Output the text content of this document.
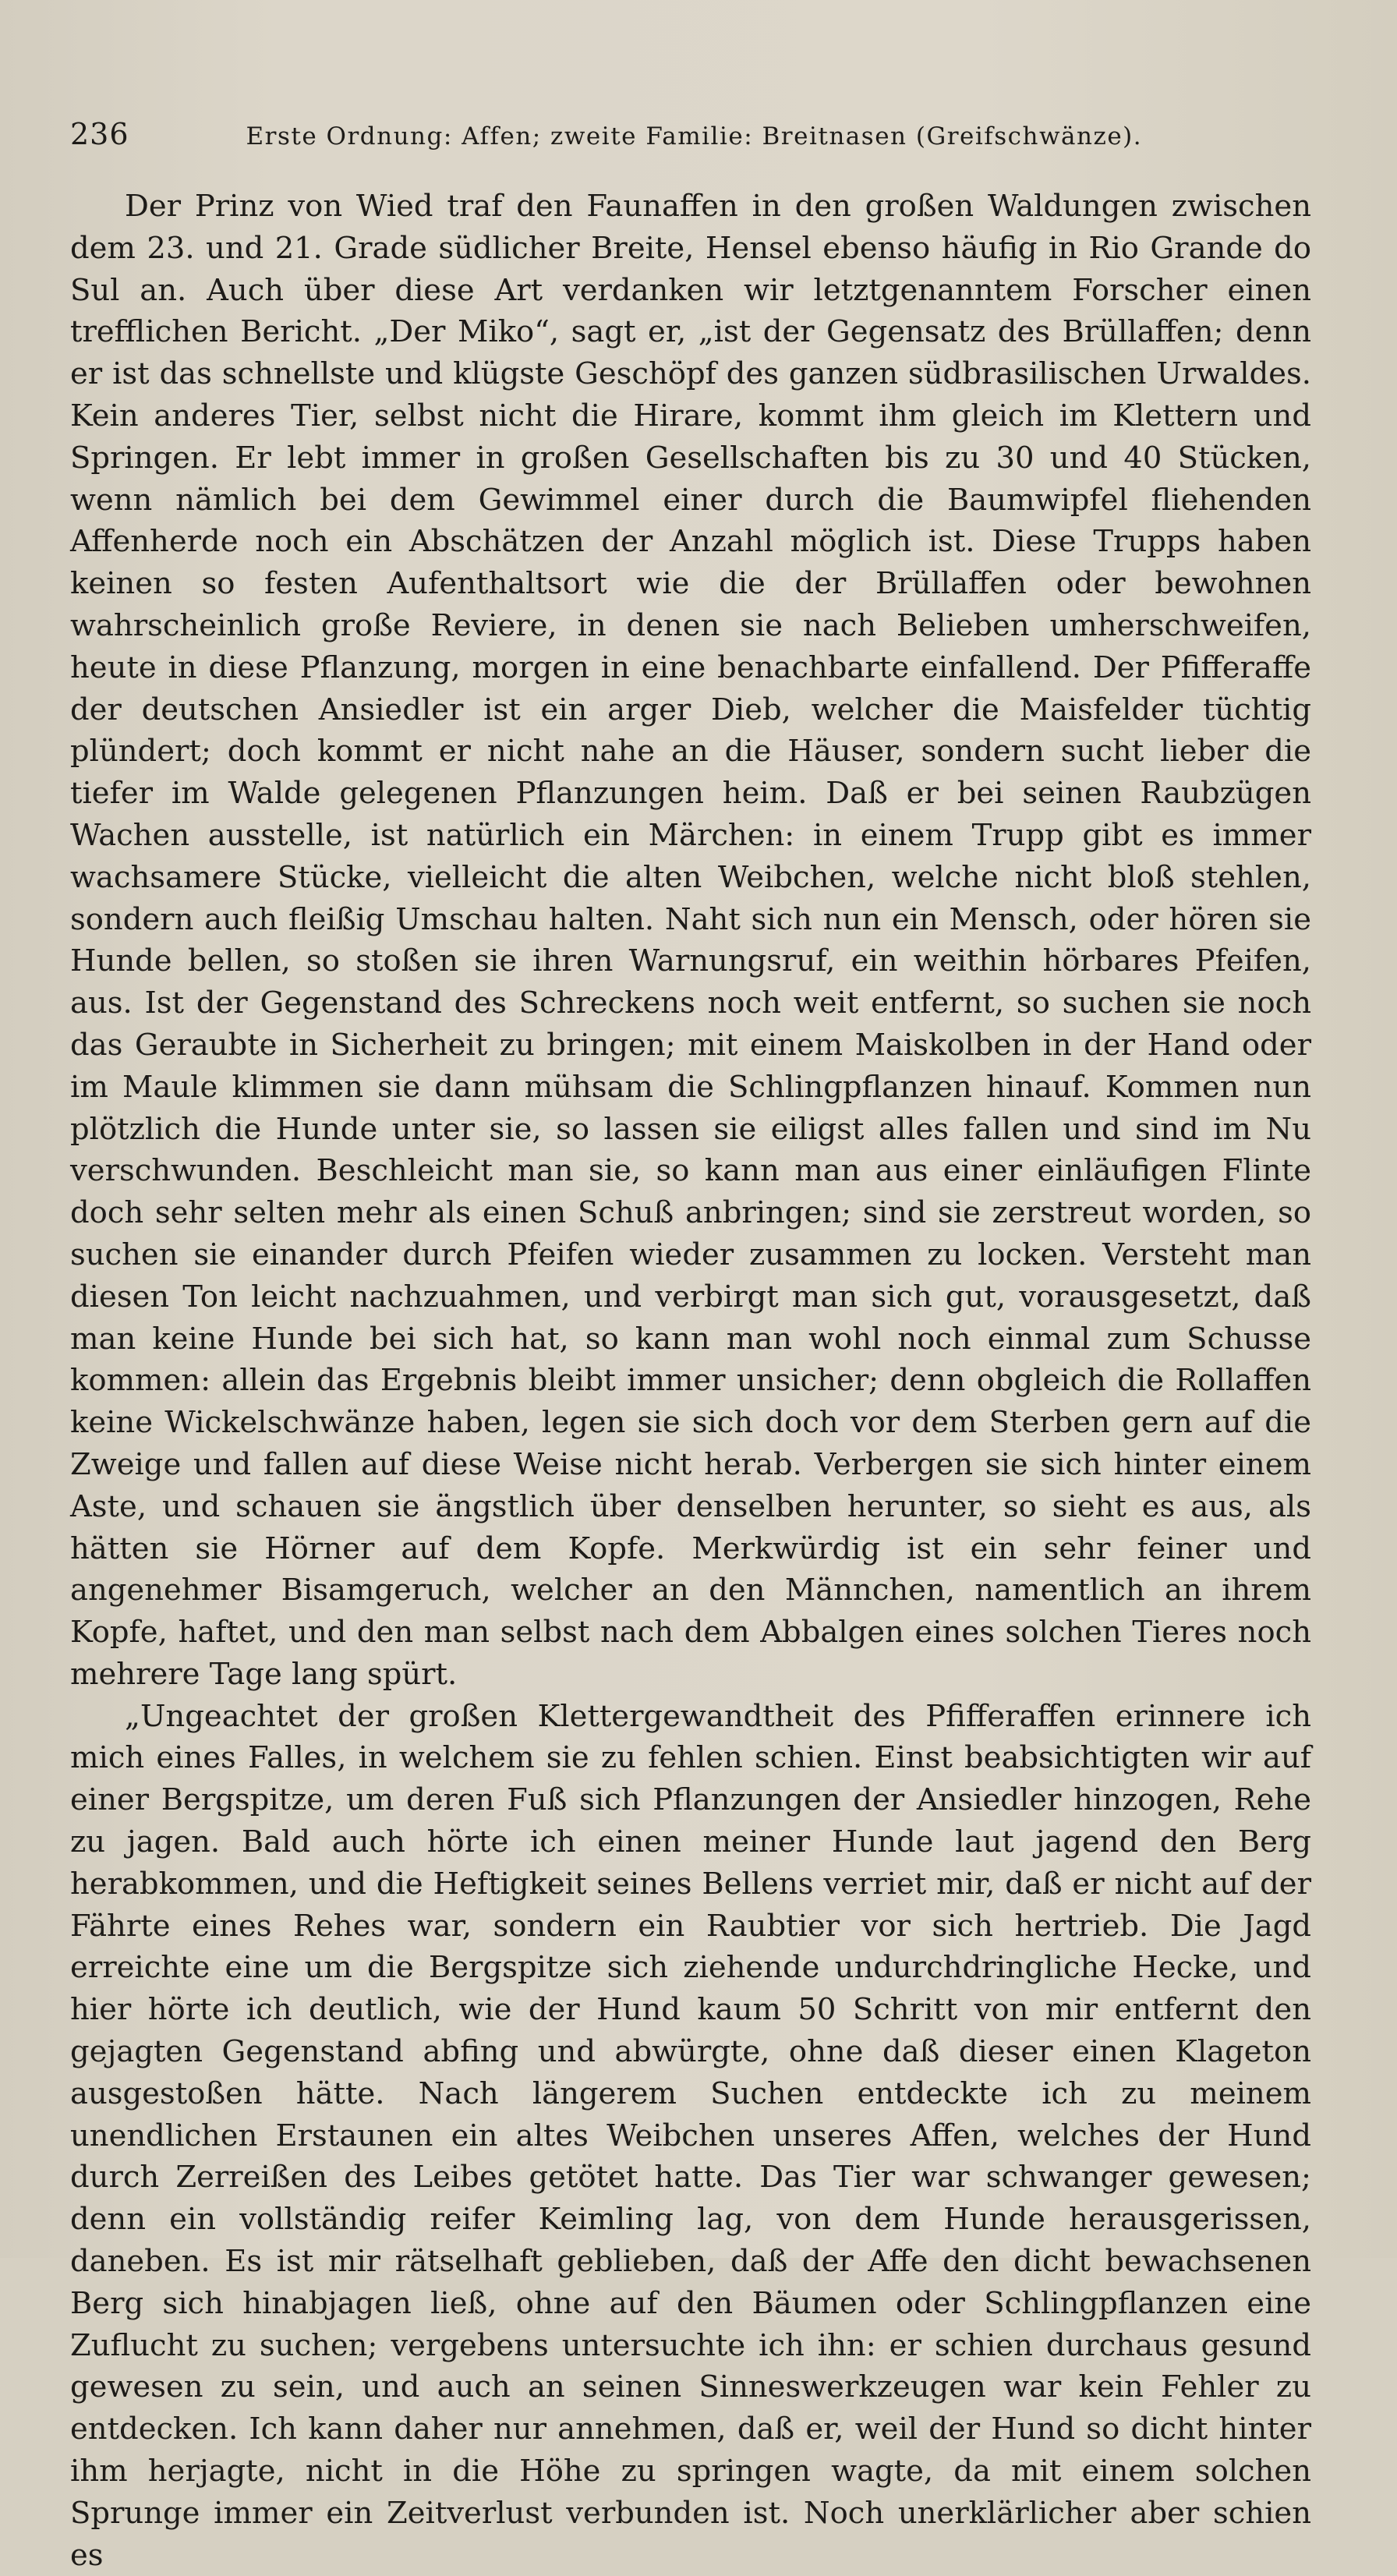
236	Erste Ordnung: Affen; zweite Familie: Breitnasen (Greifschwänze).

Der Prinz von Wied traf den Faunaffen in den großen Waldungen zwischen dem 23. und 21. Grade südlicher Breite, Hensel ebenso häufig in Rio Grande do Sul an. Auch über diese Art verdanken wir letztgenanntem Forscher einen trefflichen Bericht. „Der Miko“, sagt er, „ist der Gegensatz des Brüllaffen; denn er ist das schnellste und klügste Geschöpf des ganzen südbrasilischen Urwaldes. Kein anderes Tier, selbst nicht die Hirare, kommt ihm gleich im Klettern und Springen. Er lebt immer in großen Gesellschaften bis zu 30 und 40 Stücken, wenn nämlich bei dem Gewimmel einer durch die Baumwipfel fliehenden Affenherde noch ein Abschätzen der Anzahl möglich ist. Diese Trupps haben keinen so festen Aufenthaltsort wie die der Brüllaffen oder bewohnen wahrscheinlich große Reviere, in denen sie nach Belieben umherschweifen, heute in diese Pflanzung, morgen in eine benachbarte einfallend. Der Pfifferaffe der deutschen Ansiedler ist ein arger Dieb, welcher die Maisfelder tüchtig plündert; doch kommt er nicht nahe an die Häuser, sondern sucht lieber die tiefer im Walde gelegenen Pflanzungen heim. Daß er bei seinen Raubzügen Wachen ausstelle, ist natürlich ein Märchen: in einem Trupp gibt es immer wachsamere Stücke, vielleicht die alten Weibchen, welche nicht bloß stehlen, sondern auch fleißig Umschau halten. Naht sich nun ein Mensch, oder hören sie Hunde bellen, so stoßen sie ihren Warnungsruf, ein weithin hörbares Pfeifen, aus. Ist der Gegenstand des Schreckens noch weit entfernt, so suchen sie noch das Geraubte in Sicherheit zu bringen; mit einem Maiskolben in der Hand oder im Maule klimmen sie dann mühsam die Schlingpflanzen hinauf. Kommen nun plötzlich die Hunde unter sie, so lassen sie eiligst alles fallen und sind im Nu verschwunden. Beschleicht man sie, so kann man aus einer einläufigen Flinte doch sehr selten mehr als einen Schuß anbringen; sind sie zerstreut worden, so suchen sie einander durch Pfeifen wieder zusammen zu locken. Versteht man diesen Ton leicht nachzuahmen, und verbirgt man sich gut, vorausgesetzt, daß man keine Hunde bei sich hat, so kann man wohl noch einmal zum Schusse kommen: allein das Ergebnis bleibt immer unsicher; denn obgleich die Rollaffen keine Wickelschwänze haben, legen sie sich doch vor dem Sterben gern auf die Zweige und fallen auf diese Weise nicht herab. Verbergen sie sich hinter einem Aste, und schauen sie ängstlich über denselben herunter, so sieht es aus, als hätten sie Hörner auf dem Kopfe. Merkwürdig ist ein sehr feiner und angenehmer Bisamgeruch, welcher an den Männchen, namentlich an ihrem Kopfe, haftet, und den man selbst nach dem Abbalgen eines solchen Tieres noch mehrere Tage lang spürt.

„Ungeachtet der großen Klettergewandtheit des Pfifferaffen erinnere ich mich eines Falles, in welchem sie zu fehlen schien. Einst beabsichtigten wir auf einer Bergspitze, um deren Fuß sich Pflanzungen der Ansiedler hinzogen, Rehe zu jagen. Bald auch hörte ich einen meiner Hunde laut jagend den Berg herabkommen, und die Heftigkeit seines Bellens verriet mir, daß er nicht auf der Fährte eines Rehes war, sondern ein Raubtier vor sich hertrieb. Die Jagd erreichte eine um die Bergspitze sich ziehende undurchdringliche Hecke, und hier hörte ich deutlich, wie der Hund kaum 50 Schritt von mir entfernt den gejagten Gegenstand abfing und abwürgte, ohne daß dieser einen Klageton ausgestoßen hätte. Nach längerem Suchen entdeckte ich zu meinem unendlichen Erstaunen ein altes Weibchen unseres Affen, welches der Hund durch Zerreißen des Leibes getötet hatte. Das Tier war schwanger gewesen; denn ein vollständig reifer Keimling lag, von dem Hunde herausgerissen, daneben. Es ist mir rätselhaft geblieben, daß der Affe den dicht bewachsenen Berg sich hinabjagen ließ, ohne auf den Bäumen oder Schlingpflanzen eine Zuflucht zu suchen; vergebens untersuchte ich ihn: er schien durchaus gesund gewesen zu sein, und auch an seinen Sinneswerkzeugen war kein Fehler zu entdecken. Ich kann daher nur annehmen, daß er, weil der Hund so dicht hinter ihm herjagte, nicht in die Höhe zu springen wagte, da mit einem solchen Sprunge immer ein Zeitverlust verbunden ist. Noch unerklärlicher aber schien es
